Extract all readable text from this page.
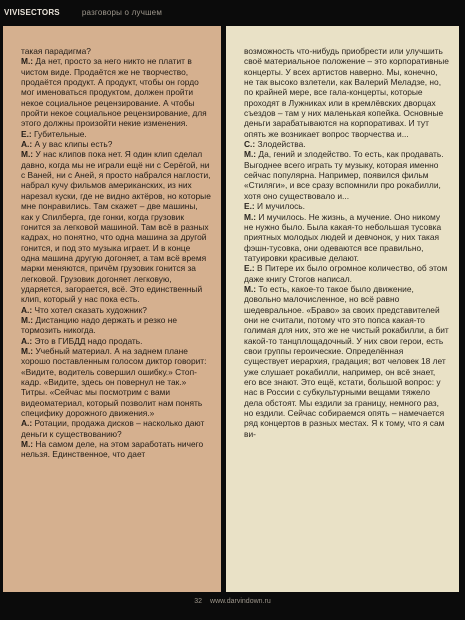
VIVISECTORS	разговоры о лучшем

такая парадигма?

М.: Да нет, просто за него никто не платит в чистом виде. Продаётся же не творчество, продаётся продукт. А продукт, чтобы он гордо мог именоваться продуктом, должен пройти некое социальное рецензирование. А чтобы пройти некое социальное рецензирование, для этого должны произойти некие изменения.

Е.: Губительные.

А.: А у вас клипы есть?

М.: У нас клипов пока нет. Я один клип сделал давно, когда мы не играли ещё ни с Серёгой, ни с Ваней, ни с Аней, я просто набрался наглости, набрал кучу фильмов американских, из них нарезал куски, где не видно актёров, но которые мне понравились. Там скажет – две машины, как у Спилберга, где гонки, когда грузовик гонится за легковой машиной. Там всё в разных кадрах, но понятно, что одна машина за другой гонится, и под это музыка играет. И в конце одна машина другую догоняет, а там всё время марки меняются, причём грузовик гонится за легковой. Грузовик догоняет легковую, ударяется, загорается, всё. Это единственный клип, который у нас пока есть.

А.: Что хотел сказать художник?

М.: Дистанцию надо держать и резко не тормозить никогда.

А.: Это в ГИБДД надо продать.

М.: Учебный материал. А на заднем плане хорошо поставленным голосом диктор говорит: «Видите, водитель совершил ошибку.» Стоп-кадр. «Видите, здесь он повернул не так.» Титры. «Сейчас мы посмотрим с вами видеоматериал, который позволит нам понять специфику дорожного движения.»

А.: Ротации, продажа дисков – насколько дают деньги к существованию?

М.: На самом деле, на этом заработать ничего нельзя. Единственное, что дает

возможность что-нибудь приобрести или улучшить своё материальное положение – это корпоративные концерты. У всех артистов наверно. Мы, конечно, не так высоко взлетели, как Валерий Меладзе, но, по крайней мере, все гала-концерты, которые проходят в Лужниках или в кремлёвских дворцах съездов – там у них маленькая копейка. Основные деньги зарабатываются на корпоративах. И тут опять же возникает вопрос творчества и...

С.: Злодейства.

М.: Да, гений и злодейство. То есть, как продавать. Выгоднее всего играть ту музыку, которая именно сейчас популярна. Например, появился фильм «Стиляги», и все сразу вспомнили про рокабилли, хотя оно существовало и...

Е.: И мучилось.

М.: И мучилось. Не жизнь, а мучение. Оно никому не нужно было. Была какая-то небольшая тусовка приятных молодых людей и девчонок, у них такая фэшн-тусовка, они одеваются все правильно, татуировки красивые делают.

Е.: В Питере их было огромное количество, об этом даже книгу Стогов написал.

М.: То есть, какое-то такое было движение, довольно малочисленное, но всё равно шедевральное. «Браво» за своих представителей они не считали, потому что это попса какая-то голимая для них, это же не чистый рокабилли, а бит какой-то танцплощадочный. У них свои герои, есть свои группы героические. Определённая существует иерархия, градация; вот человек 18 лет уже слушает рокабилли, например, он всё знает, его все знают. Это ещё, кстати, большой вопрос: у нас в России с субкультурными вещами тяжело дела обстоят. Мы ездили за границу, немного раз, но ездили. Сейчас собираемся опять – намечается ряд концертов в разных местах. Я к тому, что я сам ви-

32 www.darvindown.ru
